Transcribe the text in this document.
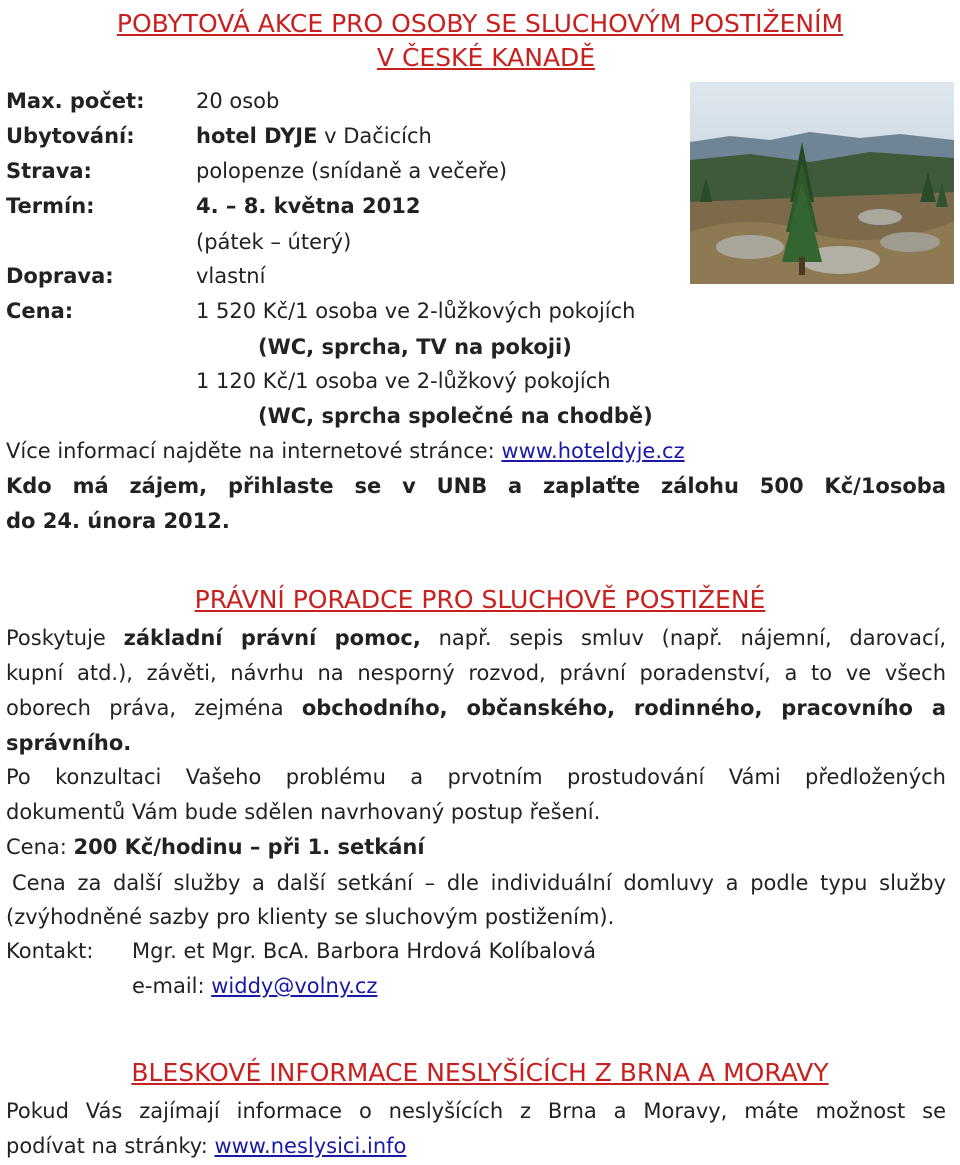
POBYTOVÁ AKCE PRO OSOBY SE SLUCHOVÝM POSTIŽENÍM
V ČESKÉ KANADĚ
Max. počet: 20 osob
Ubytování:	hotel DYJE v Dačicích
Strava:	polopenze (snídaně a večeře)
Termín:	4. – 8. května 2012
(pátek – úterý)
Doprava:	vlastní
Cena:	1 520 Kč/1 osoba ve 2-lůžkových pokojích
(WC, sprcha, TV na pokoji)
1 120 Kč/1 osoba ve 2-lůžkový pokojích
(WC, sprcha společné na chodbě)
Více informací najděte na internetové stránce: www.hoteldyje.cz
Kdo má zájem, přihlaste se v UNB a zaplaťte zálohu 500 Kč/1osoba
do 24. února 2012.
PRÁVNÍ PORADCE PRO SLUCHOVĚ POSTIŽENÉ
Poskytuje základní právní pomoc, např. sepis smluv (např. nájemní, darovací,
kupní atd.), závěti, návrhu na nesporný rozvod, právní poradenství, a to ve všech
oborech práva, zejména obchodního, občanského, rodinného, pracovního a
správního.
Po konzultaci Vašeho problému a prvotním prostudování Vámi předložených
dokumentů Vám bude sdělen navrhovaný postup řešení.
Cena: 200 Kč/hodinu – při 1. setkání
Cena za další služby a další setkání – dle individuální domluvy a podle typu služby
(zvýhodněné sazby pro klienty se sluchovým postižením).
Kontakt: Mgr. et Mgr. BcA. Barbora Hrdová Kolíbalová
e-mail: widdy@volny.cz
BLESKOVÉ INFORMACE NESLYŠÍCÍCH Z BRNA A MORAVY
Pokud Vás zajímají informace o neslyšících z Brna a Moravy, máte možnost se
podívat na stránky: www.neslysici.info
